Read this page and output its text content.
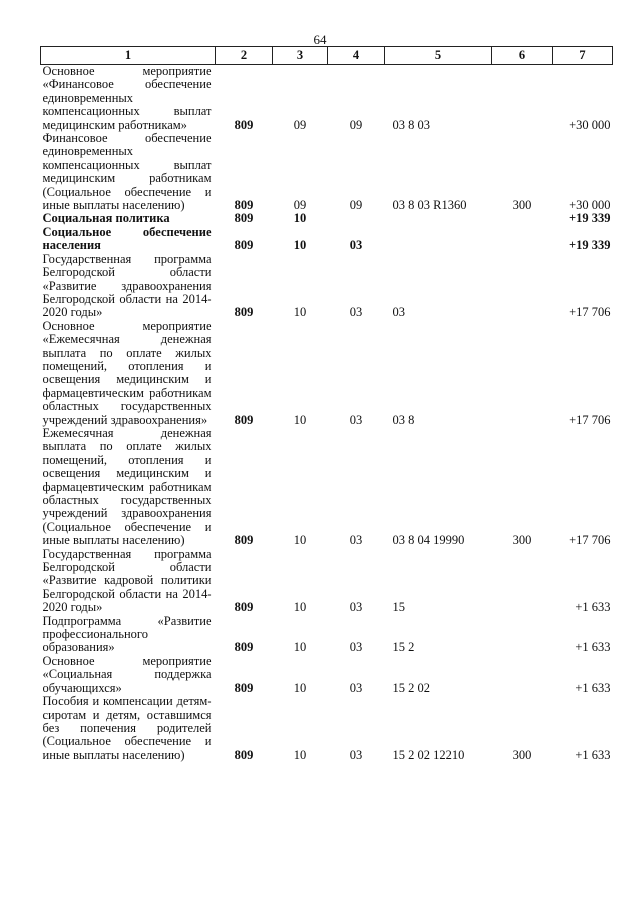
64
1	2	3	4	5	6	7
Основное мероприятие «Финансовое обеспечение единовременных компенсационных выплат медицинским работникам»	809	09	09	03 8 03		+30 000
Финансовое обеспечение единовременных компенсационных выплат медицинским работникам (Социальное обеспечение и иные выплаты населению)	809	09	09	03 8 03 R1360	300	+30 000
Социальная политика	809	10				+19 339
Социальное обеспечение населения	809	10	03			+19 339
Государственная программа Белгородской области «Развитие здравоохранения Белгородской области на 2014-2020 годы»	809	10	03	03		+17 706
Основное мероприятие «Ежемесячная денежная выплата по оплате жилых помещений, отопления и освещения медицинским и фармацевтическим работникам областных государственных учреждений здравоохранения»	809	10	03	03 8		+17 706
Ежемесячная денежная выплата по оплате жилых помещений, отопления и освещения медицинским и фармацевтическим работникам областных государственных учреждений здравоохранения (Социальное обеспечение и иные выплаты населению)	809	10	03	03 8 04 19990	300	+17 706
Государственная программа Белгородской области «Развитие кадровой политики Белгородской области на 2014-2020 годы»	809	10	03	15		+1 633
Подпрограмма «Развитие профессионального образования»	809	10	03	15 2		+1 633
Основное мероприятие «Социальная поддержка обучающихся»	809	10	03	15 2 02		+1 633
Пособия и компенсации детям-сиротам и детям, оставшимся без попечения родителей (Социальное обеспечение и иные выплаты населению)	809	10	03	15 2 02 12210	300	+1 633
